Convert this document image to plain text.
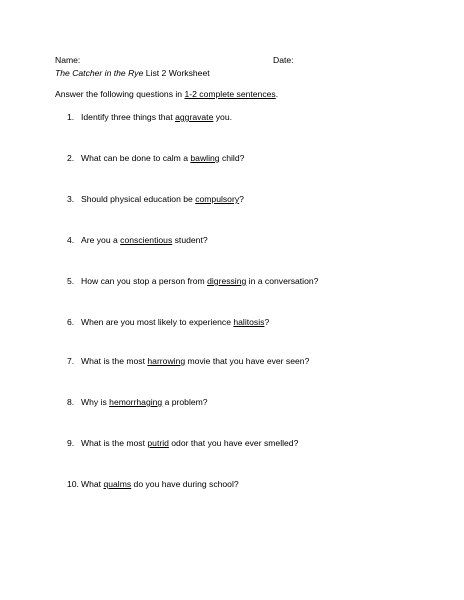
Name:	Date:
The Catcher in the Rye List 2 Worksheet
Answer the following questions in 1-2 complete sentences.
1. Identify three things that aggravate you.
2. What can be done to calm a bawling child?
3. Should physical education be compulsory?
4. Are you a conscientious student?
5. How can you stop a person from digressing in a conversation?
6. When are you most likely to experience halitosis?
7. What is the most harrowing movie that you have ever seen?
8. Why is hemorrhaging a problem?
9. What is the most putrid odor that you have ever smelled?
10. What qualms do you have during school?
